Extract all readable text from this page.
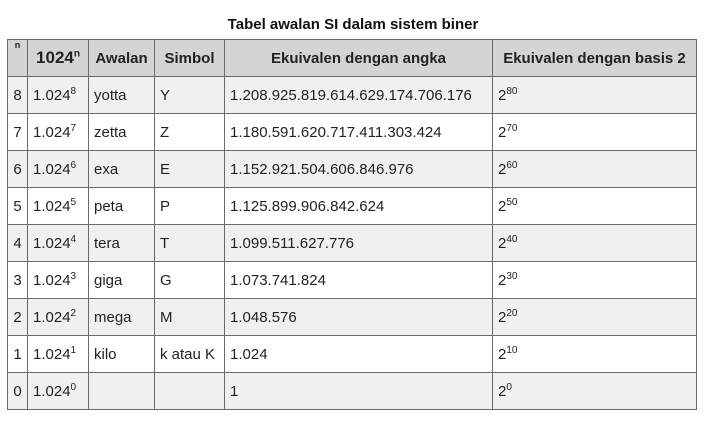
Tabel awalan SI dalam sistem biner
n	1024$^n$	Awalan	Simbol	Ekuivalen dengan angka	Ekuivalen dengan basis 2
8	1.024$^8$	yotta	Y	1.208.925.819.614.629.174.706.176	$2^{80}$
7	1.024$^7$	zetta	Z	1.180.591.620.717.411.303.424	$2^{70}$
6	1.024$^6$	exa	E	1.152.921.504.606.846.976	$2^{60}$
5	1.024$^5$	peta	P	1.125.899.906.842.624	$2^{50}$
4	1.024$^4$	tera	T	1.099.511.627.776	$2^{40}$
3	1.024$^3$	giga	G	1.073.741.824	$2^{30}$
2	1.024$^2$	mega	M	1.048.576	$2^{20}$
1	1.024$^1$	kilo	k atau K	1.024	$2^{10}$
0	1.024$^0$			1	$2^0$
